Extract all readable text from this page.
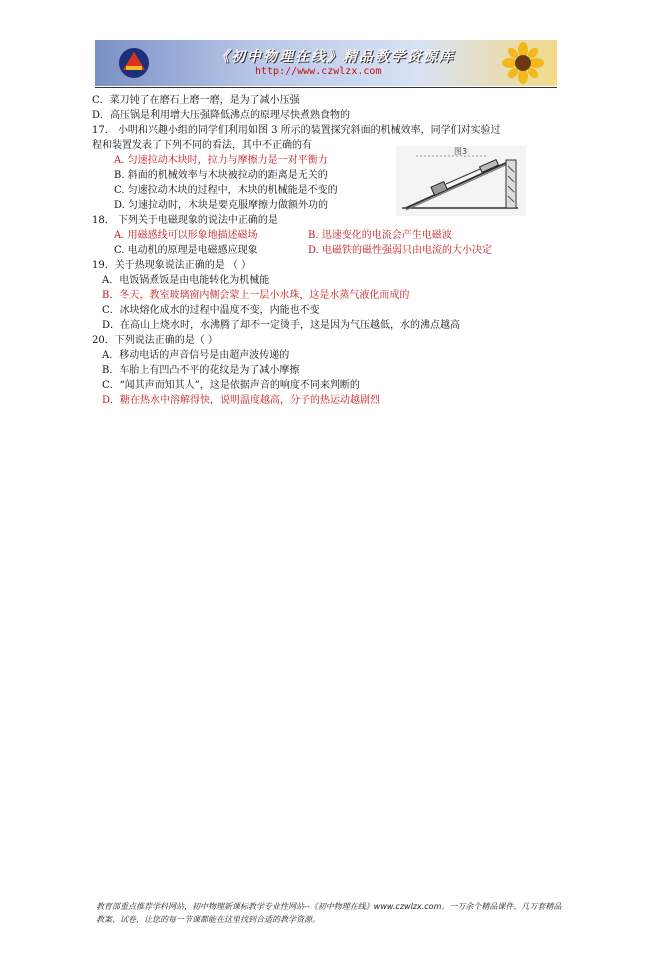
《初中物理在线》精品教学资源库
http://www.czwlzx.com
C．菜刀钝了在磨石上磨一磨，是为了减小压强
D．高压锅是利用增大压强降低沸点的原理尽快煮熟食物的
17． 小明和兴趣小组的同学们利用如图 3 所示的装置探究斜面的机械效率，同学们对实验过
程和装置发表了下列不同的看法，其中不正确的有
A. 匀速拉动木块时，拉力与摩擦力是一对平衡力
B. 斜面的机械效率与木块被拉动的距离是无关的
C. 匀速拉动木块的过程中，木块的机械能是不变的
D. 匀速拉动时，木块是要克服摩擦力做额外功的
18． 下列关于电磁现象的说法中正确的是
A. 用磁感线可以形象地描述磁场	B. 迅速变化的电流会产生电磁波
C. 电动机的原理是电磁感应现象	D. 电磁铁的磁性强弱只由电流的大小决定
19．关于热现象说法正确的是 （ ）
A．电饭锅煮饭是由电能转化为机械能
B．冬天，教室玻璃窗内侧会蒙上一层小水珠，这是水蒸气液化而成的
C．冰块熔化成水的过程中温度不变，内能也不变
D．在高山上烧水时，水沸腾了却不一定烫手，这是因为气压越低，水的沸点越高
20．下列说法正确的是（ ）
A．移动电话的声音信号是由超声波传递的
B．车胎上有凹凸不平的花纹是为了减小摩擦
C．“闻其声而知其人”，这是依据声音的响度不同来判断的
D．糖在热水中溶解得快，说明温度越高，分子的热运动越剧烈
图3
教育部重点推荐学科网站，初中物理新课标教学专业性网站--《初中物理在线》www.czwlzx.com。一万余个精品课件、几万套精品教案、试卷，让您的每一节课都能在这里找到合适的教学资源。
